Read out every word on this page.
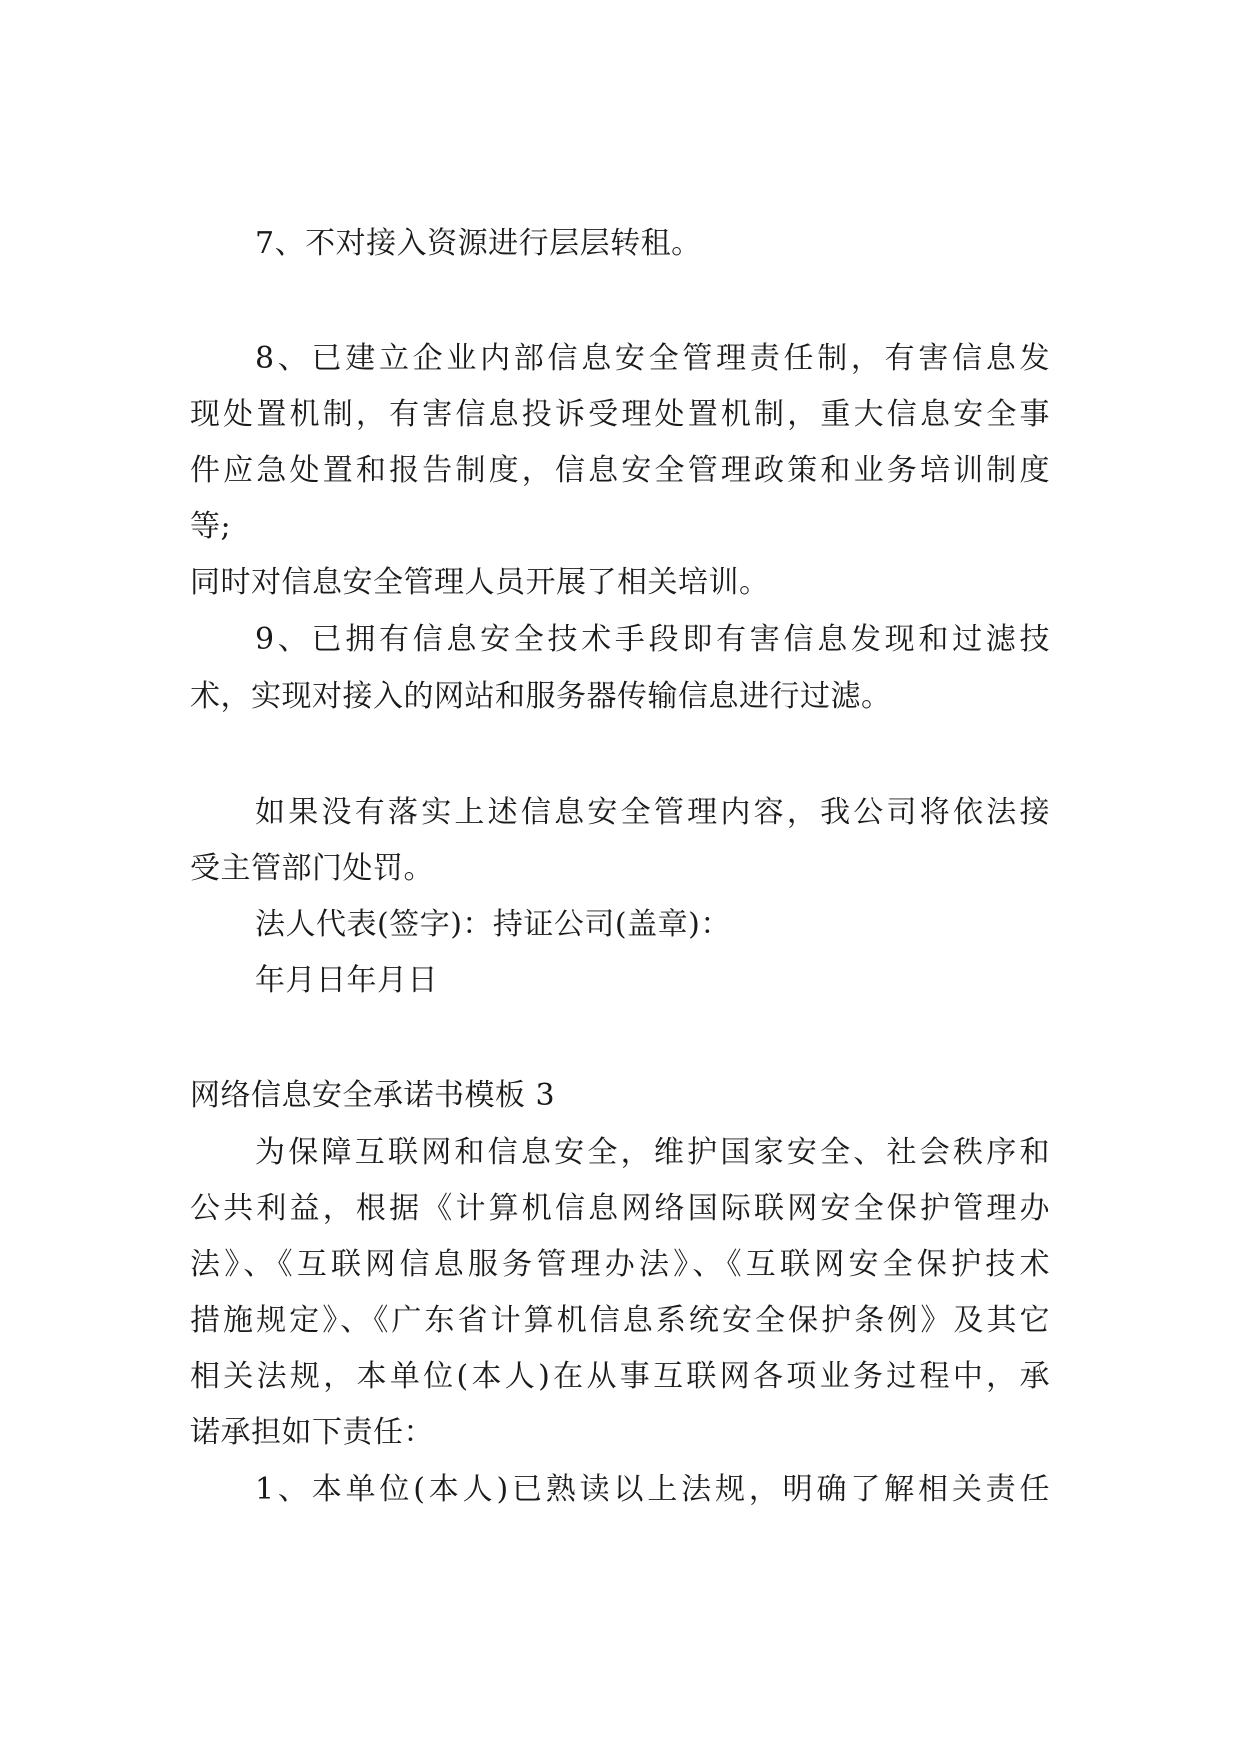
7、不对接入资源进行层层转租。
8、已建立企业内部信息安全管理责任制，有害信息发
现处置机制，有害信息投诉受理处置机制，重大信息安全事
件应急处置和报告制度，信息安全管理政策和业务培训制度
等;
同时对信息安全管理人员开展了相关培训。
9、已拥有信息安全技术手段即有害信息发现和过滤技
术，实现对接入的网站和服务器传输信息进行过滤。
如果没有落实上述信息安全管理内容，我公司将依法接
受主管部门处罚。
法人代表(签字)：持证公司(盖章)：
年月日年月日
网络信息安全承诺书模板 3
为保障互联网和信息安全，维护国家安全、社会秩序和
公共利益，根据《计算机信息网络国际联网安全保护管理办
法》、《互联网信息服务管理办法》、《互联网安全保护技术
措施规定》、《广东省计算机信息系统安全保护条例》及其它
相关法规，本单位(本人)在从事互联网各项业务过程中，承
诺承担如下责任：
1、本单位(本人)已熟读以上法规，明确了解相关责任
